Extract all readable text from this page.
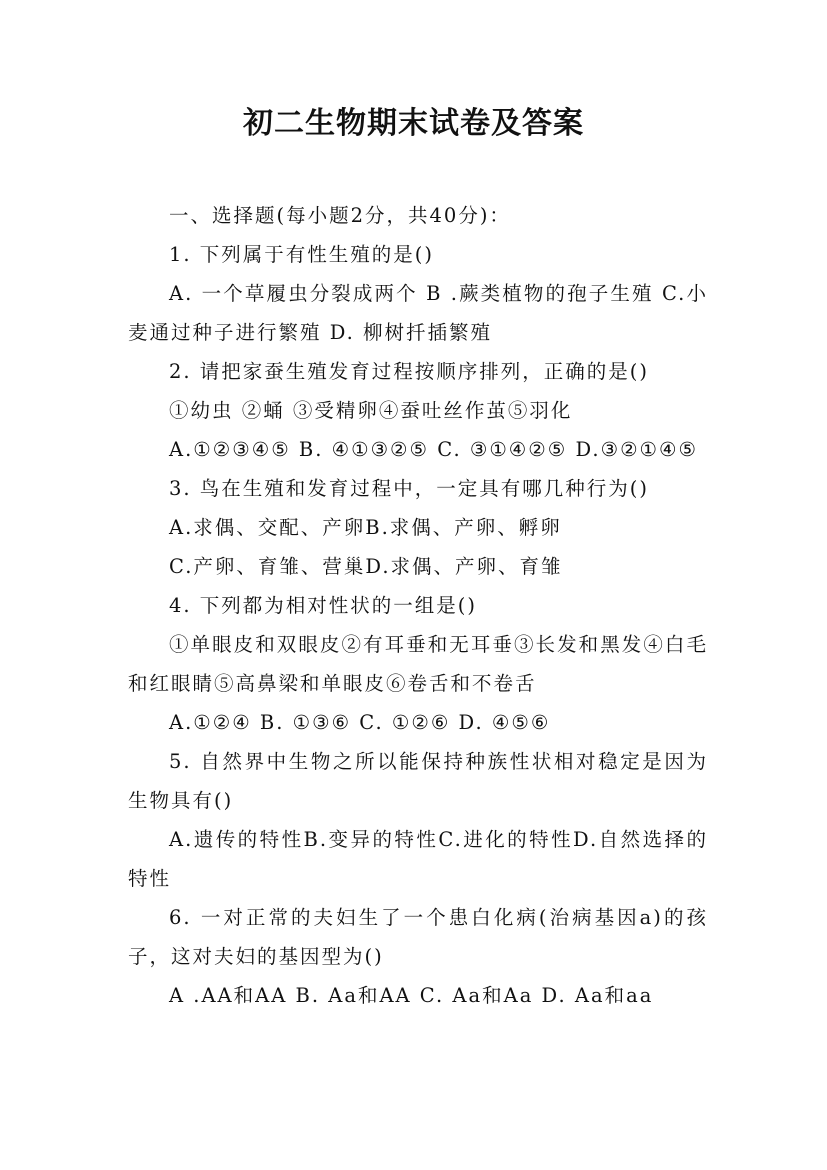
初二生物期末试卷及答案

一、选择题(每小题2分，共40分)：

1. 下列属于有性生殖的是()

A. 一个草履虫分裂成两个 B .蕨类植物的孢子生殖 C.小麦通过种子进行繁殖 D. 柳树扦插繁殖

2. 请把家蚕生殖发育过程按顺序排列，正确的是()

①幼虫 ②蛹 ③受精卵④蚕吐丝作茧⑤羽化

A.①②③④⑤ B. ④①③②⑤ C. ③①④②⑤ D.③②①④⑤

3. 鸟在生殖和发育过程中，一定具有哪几种行为()

A.求偶、交配、产卵B.求偶、产卵、孵卵

C.产卵、育雏、营巢D.求偶、产卵、育雏

4. 下列都为相对性状的一组是()

①单眼皮和双眼皮②有耳垂和无耳垂③长发和黑发④白毛和红眼睛⑤高鼻梁和单眼皮⑥卷舌和不卷舌

A.①②④ B. ①③⑥ C. ①②⑥ D. ④⑤⑥

5. 自然界中生物之所以能保持种族性状相对稳定是因为生物具有()

A.遗传的特性B.变异的特性C.进化的特性D.自然选择的特性

6. 一对正常的夫妇生了一个患白化病(治病基因a)的孩子，这对夫妇的基因型为()

A .AA和AA B. Aa和AA C. Aa和Aa D. Aa和aa
